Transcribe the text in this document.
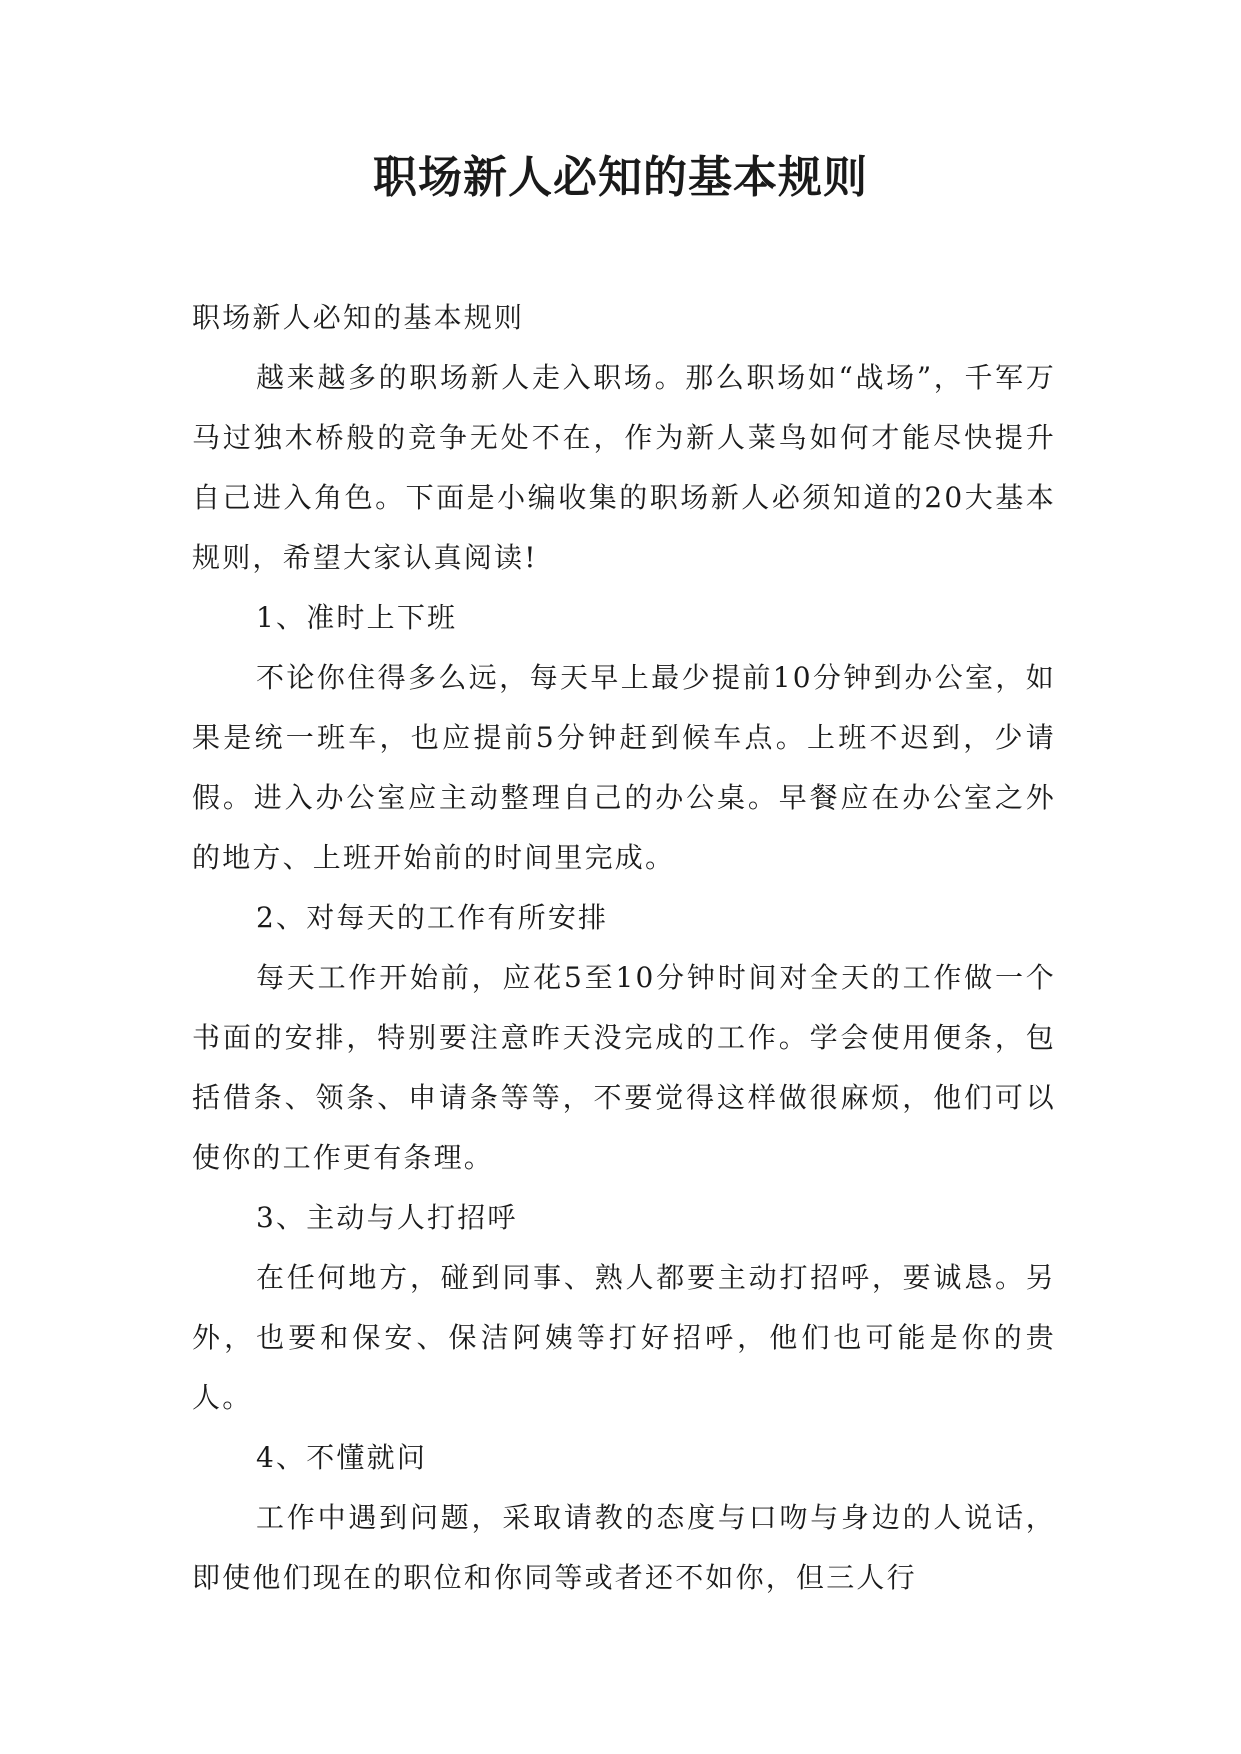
职场新人必知的基本规则

职场新人必知的基本规则

越来越多的职场新人走入职场。那么职场如“战场”，千军万马过独木桥般的竞争无处不在，作为新人菜鸟如何才能尽快提升自己进入角色。下面是小编收集的职场新人必须知道的20大基本规则，希望大家认真阅读!

1、准时上下班

不论你住得多么远，每天早上最少提前10分钟到办公室，如果是统一班车，也应提前5分钟赶到候车点。上班不迟到，少请假。进入办公室应主动整理自己的办公桌。早餐应在办公室之外的地方、上班开始前的时间里完成。

2、对每天的工作有所安排

每天工作开始前，应花5至10分钟时间对全天的工作做一个书面的安排，特别要注意昨天没完成的工作。学会使用便条，包括借条、领条、申请条等等，不要觉得这样做很麻烦，他们可以使你的工作更有条理。

3、主动与人打招呼

在任何地方，碰到同事、熟人都要主动打招呼，要诚恳。另外，也要和保安、保洁阿姨等打好招呼，他们也可能是你的贵人。

4、不懂就问

工作中遇到问题，采取请教的态度与口吻与身边的人说话，即使他们现在的职位和你同等或者还不如你，但三人行
